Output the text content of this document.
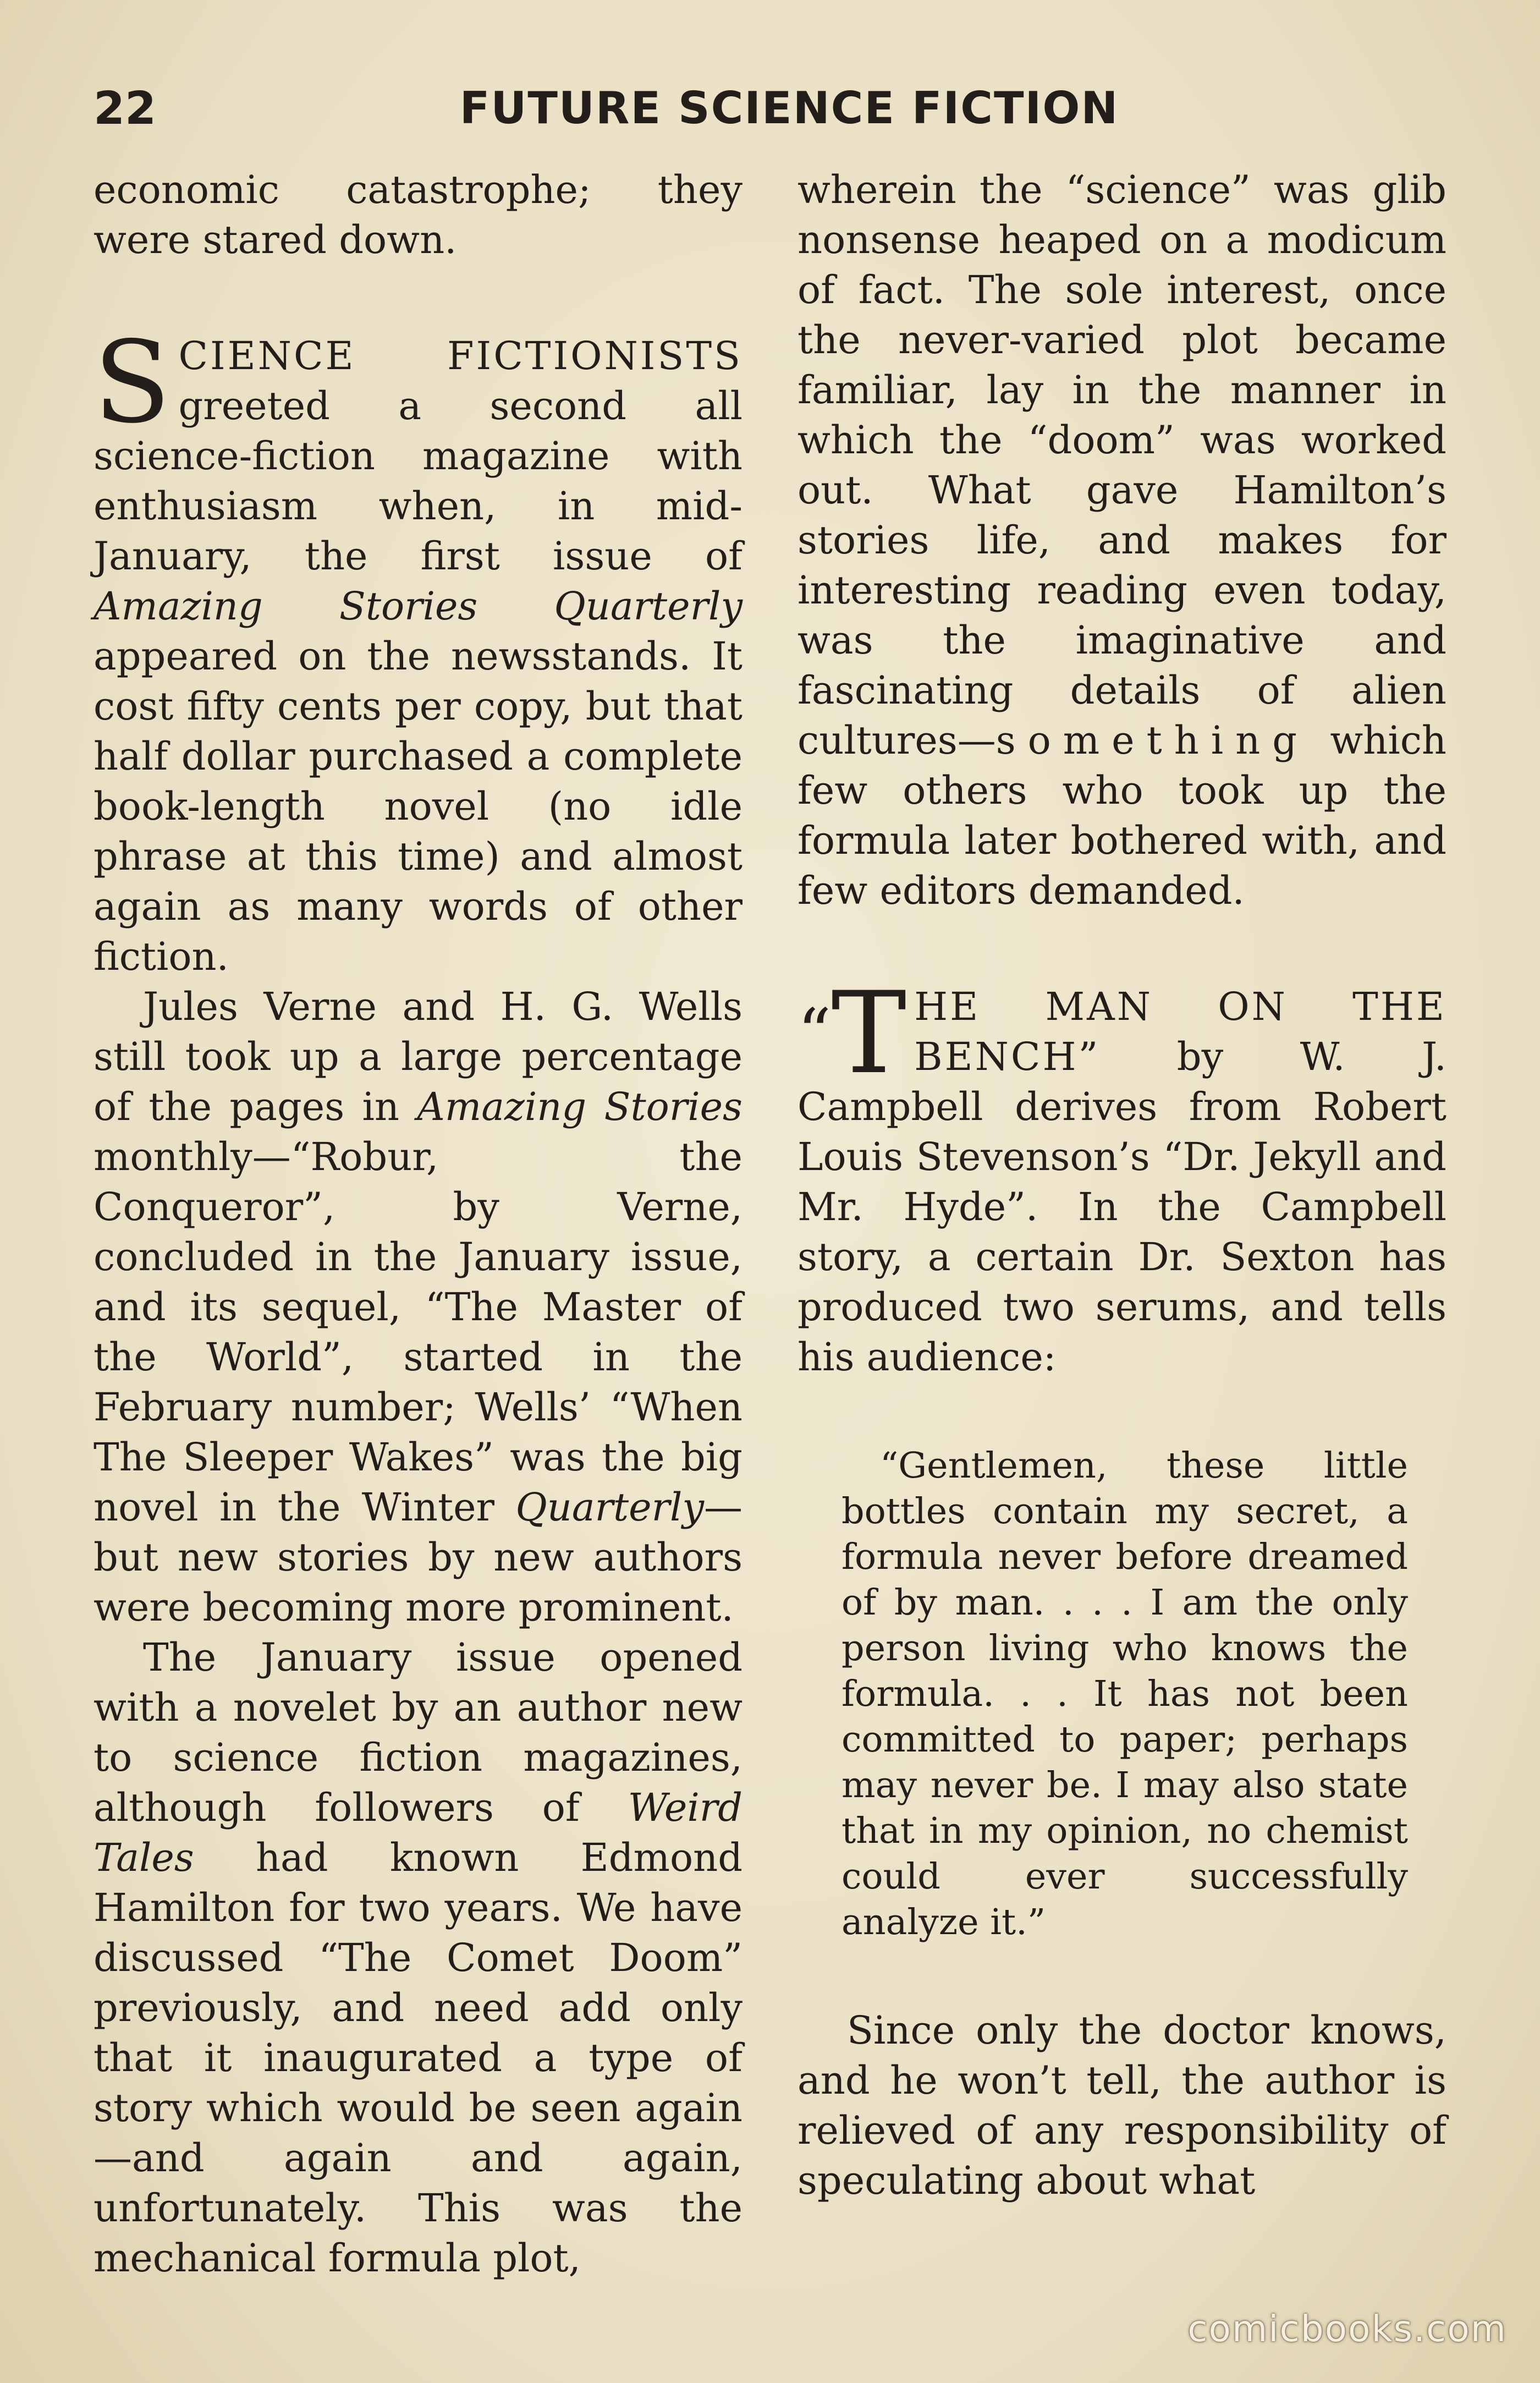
22	FUTURE SCIENCE FICTION

economic catastrophe; they were stared down.

SCIENCE FICTIONISTS greeted a second all science-fiction magazine with enthusiasm when, in mid-January, the first issue of Amazing Stories Quarterly appeared on the newsstands. It cost fifty cents per copy, but that half dollar purchased a complete book-length novel (no idle phrase at this time) and almost again as many words of other fiction.

Jules Verne and H. G. Wells still took up a large percentage of the pages in Amazing Stories monthly—“Robur, the Conqueror”, by Verne, concluded in the January issue, and its sequel, “The Master of the World”, started in the February number; Wells’ “When The Sleeper Wakes” was the big novel in the Winter Quarterly—but new stories by new authors were becoming more prominent.

The January issue opened with a novelet by an author new to science fiction magazines, although followers of Weird Tales had known Edmond Hamilton for two years. We have discussed “The Comet Doom” previously, and need add only that it inaugurated a type of story which would be seen again—and again and again, unfortunately. This was the mechanical formula plot,

wherein the “science” was glib nonsense heaped on a modicum of fact. The sole interest, once the never-varied plot became familiar, lay in the manner in which the “doom” was worked out. What gave Hamilton’s stories life, and makes for interesting reading even today, was the imaginative and fascinating details of alien cultures—something which few others who took up the formula later bothered with, and few editors demanded.

“T HE MAN ON THE BENCH” by W. J. Campbell derives from Robert Louis Stevenson’s “Dr. Jekyll and Mr. Hyde”. In the Campbell story, a certain Dr. Sexton has produced two serums, and tells his audience:

“Gentlemen, these little bottles contain my secret, a formula never before dreamed of by man. . . . I am the only person living who knows the formula. . . It has not been committed to paper; perhaps may never be. I may also state that in my opinion, no chemist could ever successfully analyze it.”

Since only the doctor knows, and he won’t tell, the author is relieved of any responsibility of speculating about what

comicbooks.com
